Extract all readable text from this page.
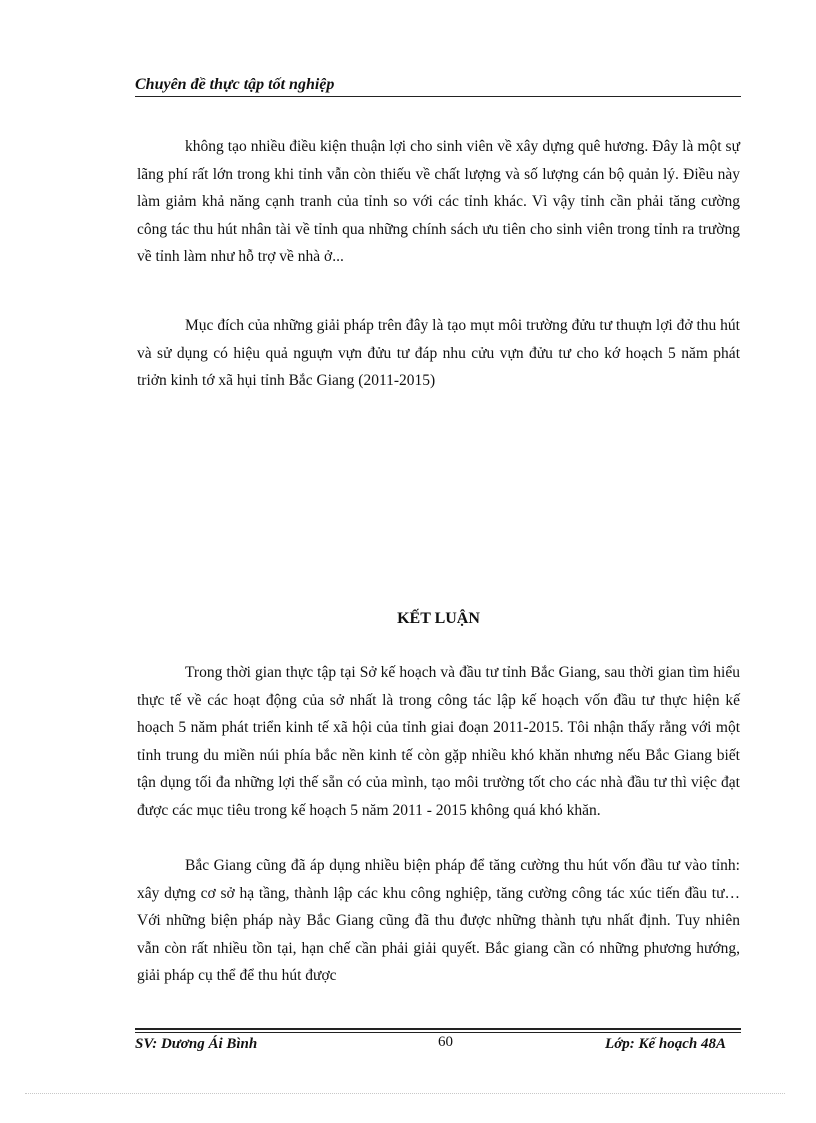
Chuyên đề thực tập tốt nghiệp

không tạo nhiều điều kiện thuận lợi cho sinh viên về xây dựng quê hương. Đây là một sự lãng phí rất lớn trong khi tỉnh vẫn còn thiếu về chất lượng và số lượng cán bộ quản lý. Điều này làm giảm khả năng cạnh tranh của tỉnh so với các tỉnh khác. Vì vậy tỉnh cần phải tăng cường công tác thu hút nhân tài về tỉnh qua những chính sách ưu tiên cho sinh viên trong tỉnh ra trường về tỉnh làm như hỗ trợ về nhà ở...

Mục đích của những giải pháp trên đây là tạo mụt môi trường đửu tư thuựn lợi đở thu hút và sử dụng có hiệu quả nguựn vựn đửu tư đáp nhu cửu vựn đửu tư cho kớ hoạch 5 năm phát triởn kinh tớ xã hụi tỉnh Bắc Giang (2011-2015)

KẾT LUẬN

Trong thời gian thực tập tại Sở kế hoạch và đầu tư tỉnh Bắc Giang, sau thời gian tìm hiểu thực tế về các hoạt động của sở nhất là trong công tác lập kế hoạch vốn đầu tư thực hiện kế hoạch 5 năm phát triển kinh tế xã hội của tỉnh giai đoạn 2011-2015. Tôi nhận thấy rằng với một tỉnh trung du miền núi phía bắc nền kinh tế còn gặp nhiều khó khăn nhưng nếu Bắc Giang biết tận dụng tối đa những lợi thế sẵn có của mình, tạo môi trường tốt cho các nhà đầu tư thì việc đạt được các mục tiêu trong kế hoạch 5 năm 2011 - 2015 không quá khó khăn.

Bắc Giang cũng đã áp dụng nhiều biện pháp để tăng cường thu hút vốn đầu tư vào tỉnh: xây dựng cơ sở hạ tầng, thành lập các khu công nghiệp, tăng cường công tác xúc tiến đầu tư… Với những biện pháp này Bắc Giang cũng đã thu được những thành tựu nhất định. Tuy nhiên vẫn còn rất nhiều tồn tại, hạn chế cần phải giải quyết. Bắc giang cần có những phương hướng, giải pháp cụ thể để thu hút được

SV: Dương Ái Bình	60	Lớp: Kế hoạch 48A
